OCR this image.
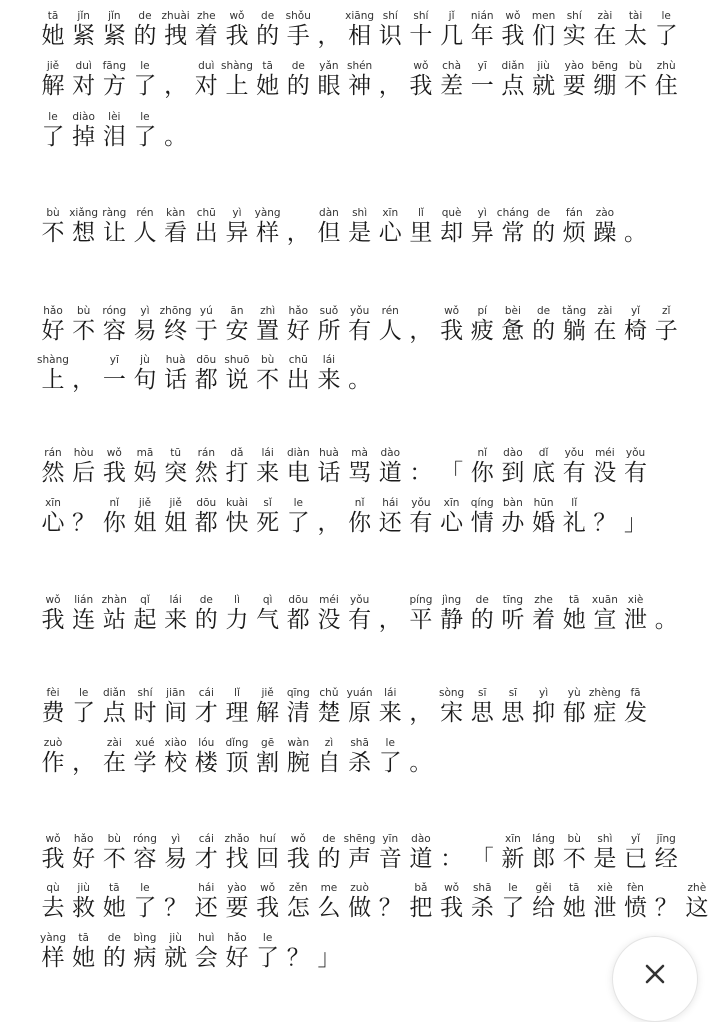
tā
她
jǐn
紧
jǐn
紧
de
的
zhuài
拽
zhe
着
wǒ
我
de
的
shǒu
手 ，
xiāng
相
shí
识
shí
十
jǐ
几
nián
年
wǒ
我
men
们
shí
实
zài
在
tài
太
le
了
jiě
解
duì
对
fāng
方
le
了 ，
duì
对
shàng
上
tā
她
de
的
yǎn
眼
shén
神 ，
wǒ
我
chà
差
yī
一
diǎn
点
jiù
就
yào
要
bēng
绷
bù
不
zhù
住
le
了
diào
掉
lèi
泪
le
了 。
bù
不
xiǎng
想
ràng
让
rén
人
kàn
看
chū
出
yì
异
yàng
样 ，
dàn
但
shì
是
xīn
心
lǐ
里
què
却
yì
异
cháng
常
de
的
fán
烦
zào
躁 。
hǎo
好
bù
不
róng
容
yì
易
zhōng
终
yú
于
ān
安
zhì
置
hǎo
好
suǒ
所
yǒu
有
rén
人 ，
wǒ
我
pí
疲
bèi
惫
de
的
tǎng
躺
zài
在
yǐ
椅
zǐ
子
shàng
上 ，
yī
一
jù
句
huà
话
dōu
都
shuō
说
bù
不
chū
出
lái
来 。
rán
然
hòu
后
wǒ
我
mā
妈
tū
突
rán
然
dǎ
打
lái
来
diàn
电
huà
话
mà
骂
dào
道 ： 「
nǐ
你
dào
到
dǐ
底
yǒu
有
méi
没
yǒu
有
xīn
心 ？
nǐ
你
jiě
姐
jiě
姐
dōu
都
kuài
快
sǐ
死
le
了 ，
nǐ
你
hái
还
yǒu
有
xīn
心
qíng
情
bàn
办
hūn
婚
lǐ
礼 ？ 」
wǒ
我
lián
连
zhàn
站
qǐ
起
lái
来
de
的
lì
力
qì
气
dōu
都
méi
没
yǒu
有 ，
píng
平
jìng
静
de
的
tīng
听
zhe
着
tā
她
xuān
宣
xiè
泄 。
fèi
费
le
了
diǎn
点
shí
时
jiān
间
cái
才
lǐ
理
jiě
解
qīng
清
chǔ
楚
yuán
原
lái
来 ，
sòng
宋
sī
思
sī
思
yì
抑
yù
郁
zhèng
症
fā
发
zuò
作 ，
zài
在
xué
学
xiào
校
lóu
楼
dǐng
顶
gē
割
wàn
腕
zì
自
shā
杀
le
了 。
wǒ
我
hǎo
好
bù
不
róng
容
yì
易
cái
才
zhǎo
找
huí
回
wǒ
我
de
的
shēng
声
yīn
音
dào
道 ： 「
xīn
新
láng
郎
bù
不
shì
是
yǐ
已
jīng
经
qù
去
jiù
救
tā
她
le
了 ？
hái
还
yào
要
wǒ
我
zěn
怎
me
么
zuò
做 ？
bǎ
把
wǒ
我
shā
杀
le
了
gěi
给
tā
她
xiè
泄
fèn
愤 ？
zhè
这
yàng
样
tā
她
de
的
bìng
病
jiù
就
huì
会
hǎo
好
le
了 ？ 」
